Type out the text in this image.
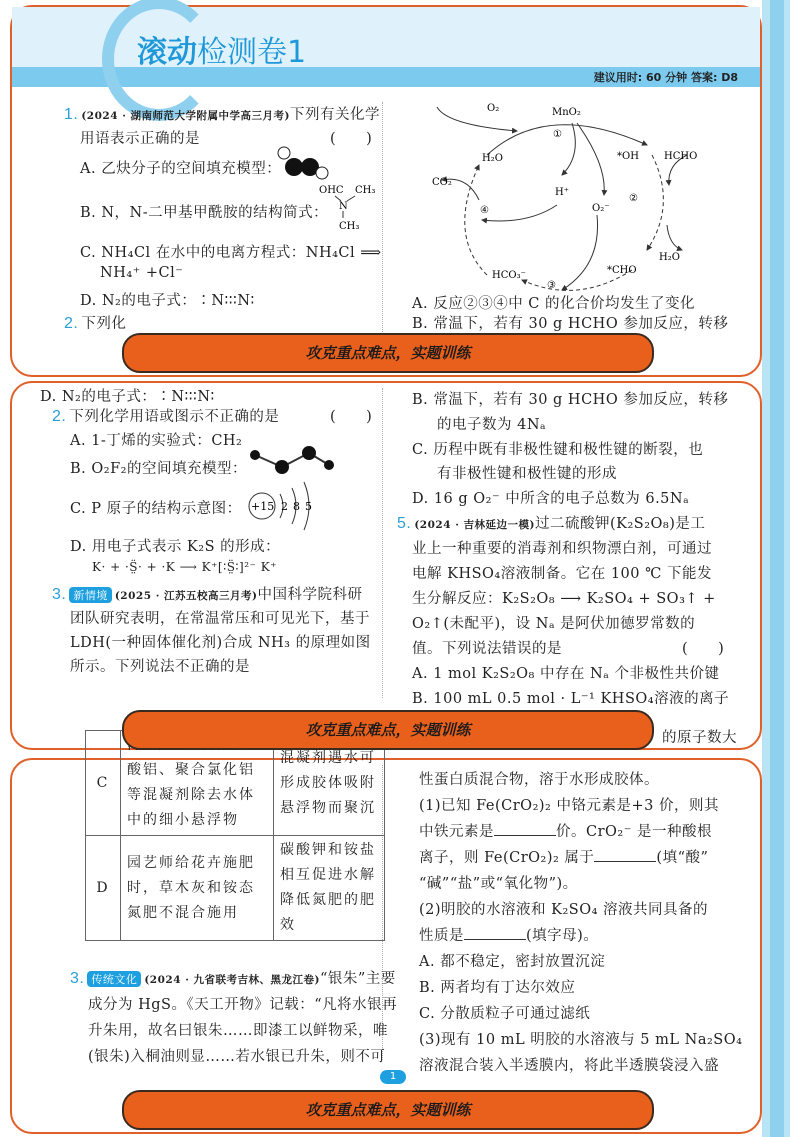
滚动检测卷1
建议用时: 60 分钟 答案: D8
1. (2024 · 湖南师范大学附属中学高三月考)下列有关化学
用语表示正确的是	(　　)
A. 乙炔分子的空间填充模型：
B. N，N-二甲基甲酰胺的结构简式：
OHC CH₃
N
CH₃
C. NH₄Cl 在水中的电离方程式：NH₄Cl ⟹
NH₄⁺ +Cl⁻
D. N₂的电子式：∶N∶∶∶N∶
2. 下列化
O₂	MnO₂
①
H₂O	*OH	HCHO
CO₂
H⁺
②
④	O₂⁻
H₂O
HCO₃⁻
③
*CHO
A. 反应②③④中 C 的化合价均发生了变化
B. 常温下，若有 30 g HCHO 参加反应，转移
攻克重点难点，实题训练
D. N₂的电子式：∶N∶∶∶N∶
2. 下列化学用语或图示不正确的是	(　　)
A. 1-丁烯的实验式：CH₂
B. O₂F₂的空间填充模型：
C. P 原子的结构示意图： +15 2 8 5
D. 用电子式表示 K₂S 的形成：
K· + ·S̤̈· + ·K ⟶ K⁺[∶S̤̈∶]²⁻ K⁺
3. 新情境 (2025 · 江苏五校高三月考)中国科学院科研
团队研究表明，在常温常压和可见光下，基于
LDH(一种固体催化剂)合成 NH₃ 的原理如图
所示。下列说法不正确的是
B. 常温下，若有 30 g HCHO 参加反应，转移
的电子数为 4Nₐ
C. 历程中既有非极性键和极性键的断裂，也
有非极性键和极性键的形成
D. 16 g O₂⁻ 中所含的电子总数为 6.5Nₐ
5. (2024 · 吉林延边一模)过二硫酸钾(K₂S₂O₈)是工
业上一种重要的消毒剂和织物漂白剂，可通过
电解 KHSO₄溶液制备。它在 100 ℃ 下能发
生分解反应：K₂S₂O₈ ⟶ K₂SO₄ + SO₃↑ +
O₂↑(未配平)，设 Nₐ 是阿伏加德罗常数的
值。下列说法错误的是	(　　)
A. 1 mol K₂S₂O₈ 中存在 Nₐ 个非极性共价键
B. 100 mL 0.5 mol · L⁻¹ KHSO₄溶液的离子
的原子数大
攻克重点难点，实题训练
C	酸铝、聚合氯化铝等混凝剂除去水体中的细小悬浮物	混凝剂遇水可形成胶体吸附悬浮物而聚沉
D	园艺师给花卉施肥时，草木灰和铵态氮肥不混合施用	碳酸钾和铵盐相互促进水解降低氮肥的肥效
3. 传统文化 (2024 · 九省联考吉林、黑龙江卷)“银朱”主要
成分为 HgS。《天工开物》记载：“凡将水银再
升朱用，故名曰银朱……即漆工以鲜物采，唯
(银朱)入桐油则显……若水银已升朱，则不可
1
性蛋白质混合物，溶于水形成胶体。
(1)已知 Fe(CrO₂)₂ 中铬元素是+3 价，则其
中铁元素是	价。CrO₂⁻ 是一种酸根
离子，则 Fe(CrO₂)₂ 属于	(填“酸”
“碱”“盐”或“氧化物”)。
(2)明胶的水溶液和 K₂SO₄ 溶液共同具备的
性质是	(填字母)。
A. 都不稳定，密封放置沉淀
B. 两者均有丁达尔效应
C. 分散质粒子可通过滤纸
(3)现有 10 mL 明胶的水溶液与 5 mL Na₂SO₄
溶液混合装入半透膜内，将此半透膜袋浸入盛
攻克重点难点，实题训练
